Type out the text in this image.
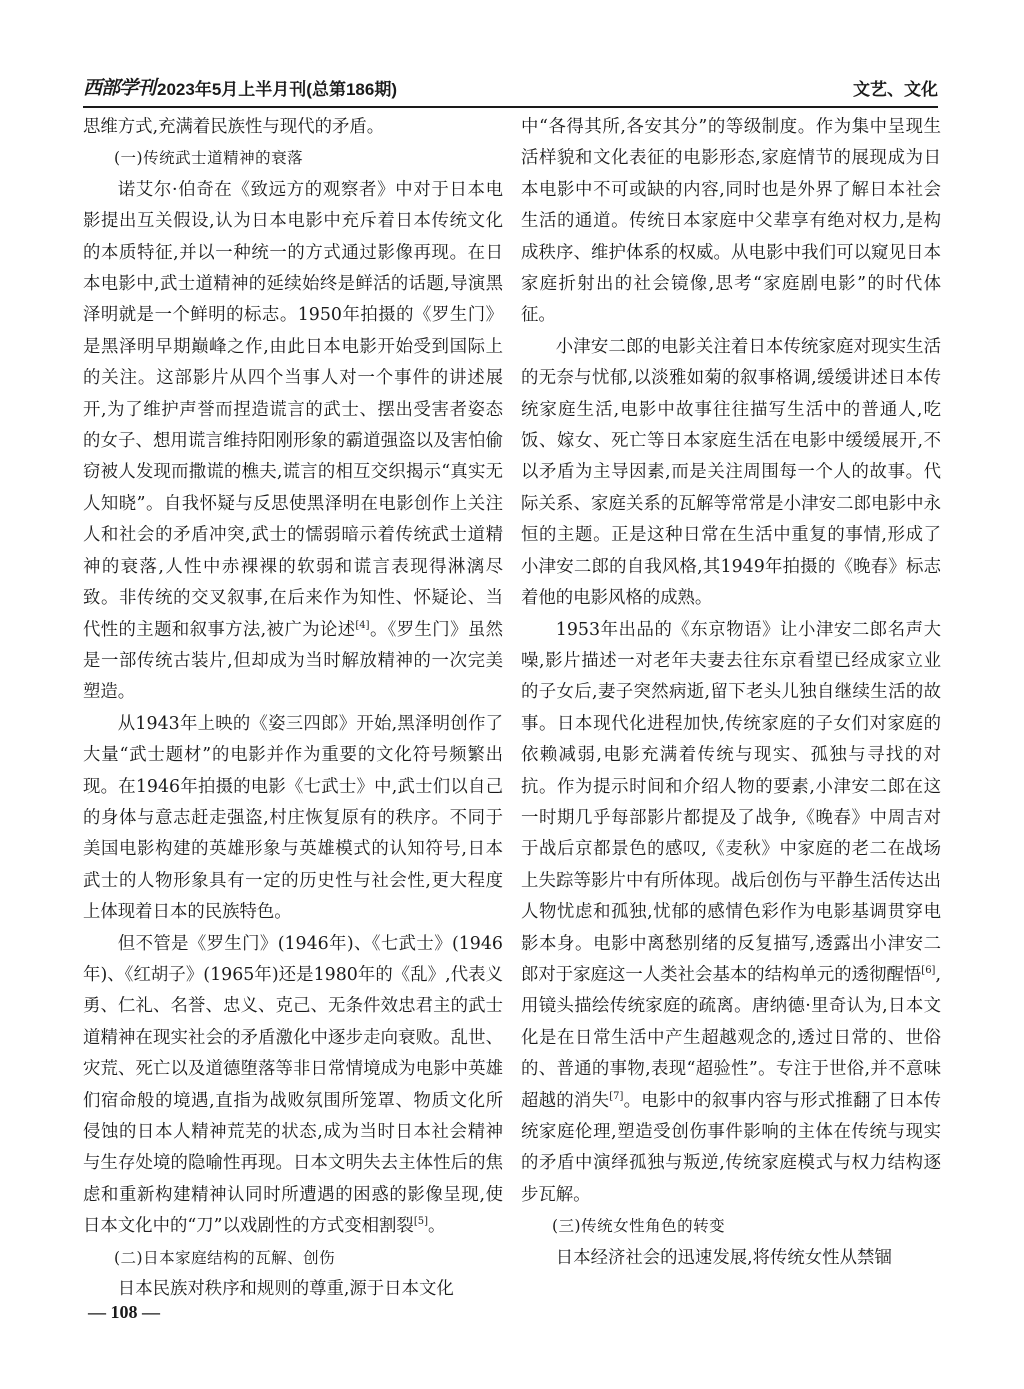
西部学刊 2023年5月上半月刊(总第186期)	文艺、文化

思维方式,充满着民族性与现代的矛盾。

(一)传统武士道精神的衰落

诺艾尔·伯奇在《致远方的观察者》中对于日本电影提出互关假设,认为日本电影中充斥着日本传统文化的本质特征,并以一种统一的方式通过影像再现。在日本电影中,武士道精神的延续始终是鲜活的话题,导演黑泽明就是一个鲜明的标志。1950年拍摄的《罗生门》是黑泽明早期巅峰之作,由此日本电影开始受到国际上的关注。这部影片从四个当事人对一个事件的讲述展开,为了维护声誉而捏造谎言的武士、摆出受害者姿态的女子、想用谎言维持阳刚形象的霸道强盗以及害怕偷窃被人发现而撒谎的樵夫,谎言的相互交织揭示“真实无人知晓”。自我怀疑与反思使黑泽明在电影创作上关注人和社会的矛盾冲突,武士的懦弱暗示着传统武士道精神的衰落,人性中赤裸裸的软弱和谎言表现得淋漓尽致。非传统的交叉叙事,在后来作为知性、怀疑论、当代性的主题和叙事方法,被广为论述[4]。《罗生门》虽然是一部传统古装片,但却成为当时解放精神的一次完美塑造。

从1943年上映的《姿三四郎》开始,黑泽明创作了大量“武士题材”的电影并作为重要的文化符号频繁出现。在1946年拍摄的电影《七武士》中,武士们以自己的身体与意志赶走强盗,村庄恢复原有的秩序。不同于美国电影构建的英雄形象与英雄模式的认知符号,日本武士的人物形象具有一定的历史性与社会性,更大程度上体现着日本的民族特色。

但不管是《罗生门》(1946年)、《七武士》(1946年)、《红胡子》(1965年)还是1980年的《乱》,代表义勇、仁礼、名誉、忠义、克己、无条件效忠君主的武士道精神在现实社会的矛盾激化中逐步走向衰败。乱世、灾荒、死亡以及道德堕落等非日常情境成为电影中英雄们宿命般的境遇,直指为战败氛围所笼罩、物质文化所侵蚀的日本人精神荒芜的状态,成为当时日本社会精神与生存处境的隐喻性再现。日本文明失去主体性后的焦虑和重新构建精神认同时所遭遇的困惑的影像呈现,使日本文化中的“刀”以戏剧性的方式变相割裂[5]。

(二)日本家庭结构的瓦解、创伤

日本民族对秩序和规则的尊重,源于日本文化

中“各得其所,各安其分”的等级制度。作为集中呈现生活样貌和文化表征的电影形态,家庭情节的展现成为日本电影中不可或缺的内容,同时也是外界了解日本社会生活的通道。传统日本家庭中父辈享有绝对权力,是构成秩序、维护体系的权威。从电影中我们可以窥见日本家庭折射出的社会镜像,思考“家庭剧电影”的时代体征。

小津安二郎的电影关注着日本传统家庭对现实生活的无奈与忧郁,以淡雅如菊的叙事格调,缓缓讲述日本传统家庭生活,电影中故事往往描写生活中的普通人,吃饭、嫁女、死亡等日本家庭生活在电影中缓缓展开,不以矛盾为主导因素,而是关注周围每一个人的故事。代际关系、家庭关系的瓦解等常常是小津安二郎电影中永恒的主题。正是这种日常在生活中重复的事情,形成了小津安二郎的自我风格,其1949年拍摄的《晚春》标志着他的电影风格的成熟。

1953年出品的《东京物语》让小津安二郎名声大噪,影片描述一对老年夫妻去往东京看望已经成家立业的子女后,妻子突然病逝,留下老头儿独自继续生活的故事。日本现代化进程加快,传统家庭的子女们对家庭的依赖减弱,电影充满着传统与现实、孤独与寻找的对抗。作为提示时间和介绍人物的要素,小津安二郎在这一时期几乎每部影片都提及了战争,《晚春》中周吉对于战后京都景色的感叹,《麦秋》中家庭的老二在战场上失踪等影片中有所体现。战后创伤与平静生活传达出人物忧虑和孤独,忧郁的感情色彩作为电影基调贯穿电影本身。电影中离愁别绪的反复描写,透露出小津安二郎对于家庭这一人类社会基本的结构单元的透彻醒悟[6],用镜头描绘传统家庭的疏离。唐纳德·里奇认为,日本文化是在日常生活中产生超越观念的,透过日常的、世俗的、普通的事物,表现“超验性”。专注于世俗,并不意味超越的消失[7]。电影中的叙事内容与形式推翻了日本传统家庭伦理,塑造受创伤事件影响的主体在传统与现实的矛盾中演绎孤独与叛逆,传统家庭模式与权力结构逐步瓦解。

(三)传统女性角色的转变

日本经济社会的迅速发展,将传统女性从禁锢

— 108 —
